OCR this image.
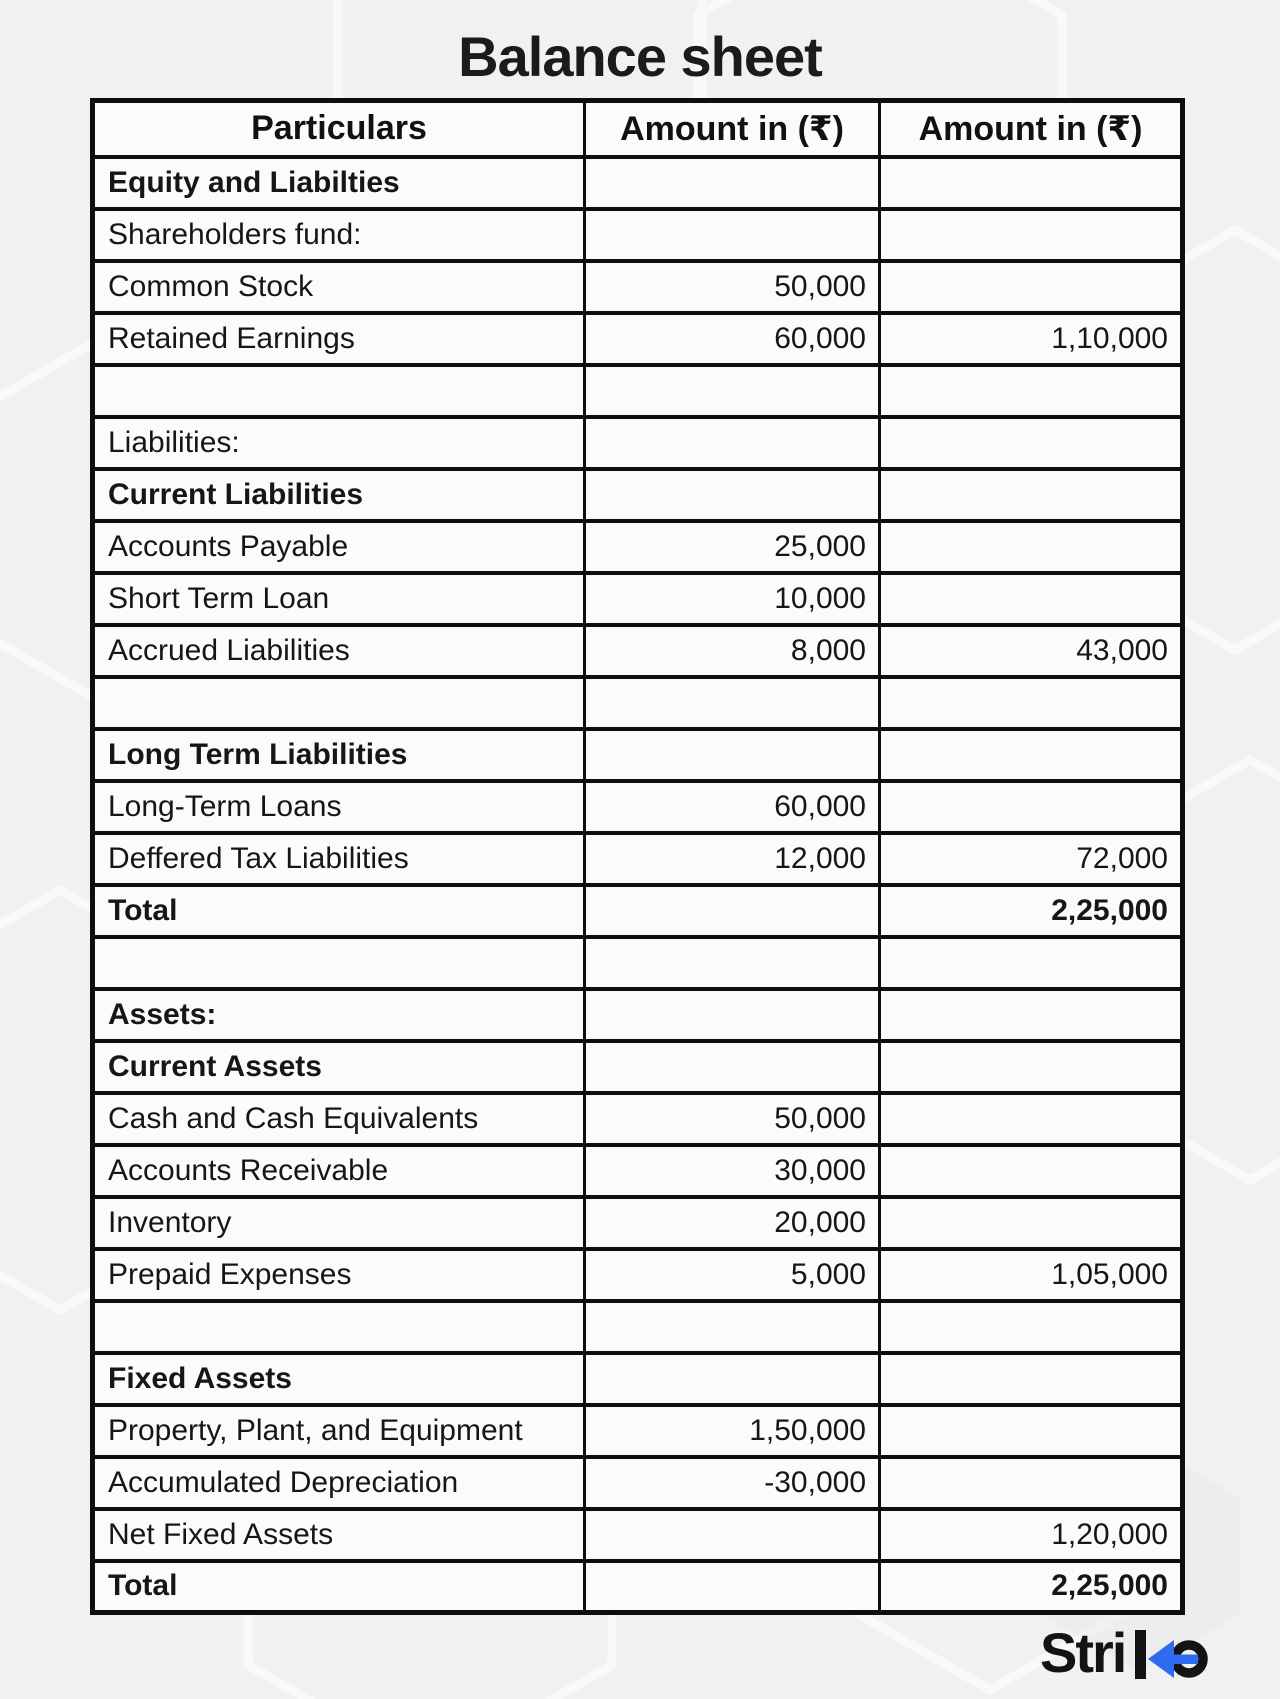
Balance sheet
Particulars	Amount in (₹)	Amount in (₹)
Equity and Liabilties		
Shareholders fund:		
Common Stock	50,000	
Retained Earnings	60,000	1,10,000

Liabilities:		
Current Liabilities		
Accounts Payable	25,000	
Short Term Loan	10,000	
Accrued Liabilities	8,000	43,000

Long Term Liabilities		
Long-Term Loans	60,000	
Deffered Tax Liabilities	12,000	72,000
Total		2,25,000

Assets:		
Current Assets		
Cash and Cash Equivalents	50,000	
Accounts Receivable	30,000	
Inventory	20,000	
Prepaid Expenses	5,000	1,05,000

Fixed Assets		
Property, Plant, and Equipment	1,50,000	
Accumulated Depreciation	-30,000	
Net Fixed Assets		1,20,000
Total		2,25,000
Stri
